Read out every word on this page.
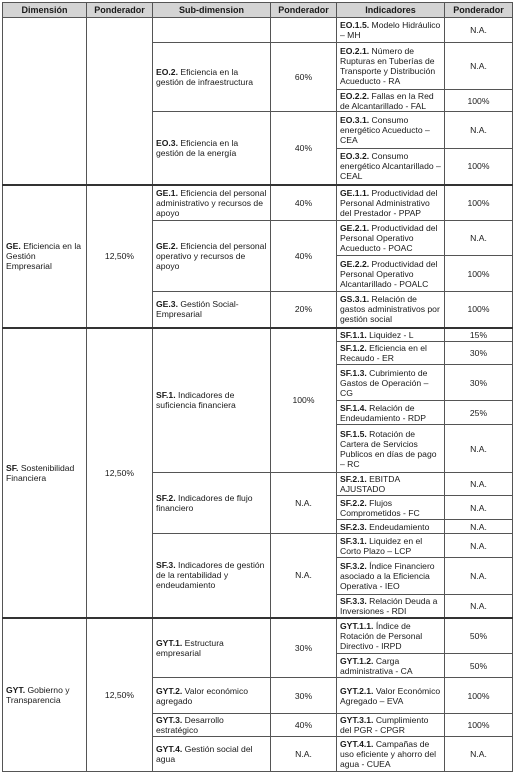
Dimensión	Ponderador	Sub-dimension	Ponderador	Indicadores	Ponderador
				EO.1.5. Modelo Hidráulico – MH	N.A.
		EO.2. Eficiencia en la gestión de infraestructura	60%	EO.2.1. Número de Rupturas en Tuberías de Transporte y Distribución Acueducto - RA	N.A.
				EO.2.2. Fallas en la Red de Alcantarillado - FAL	100%
		EO.3. Eficiencia en la gestión de la energía	40%	EO.3.1. Consumo energético Acueducto – CEA	N.A.
				EO.3.2. Consumo energético Alcantarillado – CEAL	100%
GE. Eficiencia en la Gestión Empresarial	12,50%	GE.1. Eficiencia del personal administrativo y recursos de apoyo	40%	GE.1.1. Productividad del Personal Administrativo del Prestador - PPAP	100%
		GE.2. Eficiencia del personal operativo y recursos de apoyo	40%	GE.2.1. Productividad del Personal Operativo Acueducto - POAC	N.A.
				GE.2.2. Productividad del Personal Operativo Alcantarillado - POALC	100%
		GE.3. Gestión Social-Empresarial	20%	GS.3.1. Relación de gastos administrativos por gestión social	100%
SF. Sostenibilidad Financiera	12,50%	SF.1. Indicadores de suficiencia financiera	100%	SF.1.1. Liquidez - L	15%
				SF.1.2. Eficiencia en el Recaudo - ER	30%
				SF.1.3. Cubrimiento de Gastos de Operación – CG	30%
				SF.1.4. Relación de Endeudamiento - RDP	25%
				SF.1.5. Rotación de Cartera de Servicios Publicos en días de pago – RC	N.A.
		SF.2. Indicadores de flujo financiero	N.A.	SF.2.1. EBITDA AJUSTADO	N.A.
				SF.2.2. Flujos Comprometidos - FC	N.A.
				SF.2.3. Endeudamiento	N.A.
		SF.3. Indicadores de gestión de la rentabilidad y endeudamiento	N.A.	SF.3.1. Liquidez en el Corto Plazo – LCP	N.A.
				SF.3.2. Índice Financiero asociado a la Eficiencia Operativa - IEO	N.A.
				SF.3.3. Relación Deuda a Inversiones - RDI	N.A.
GYT. Gobierno y Transparencia	12,50%	GYT.1. Estructura empresarial	30%	GYT.1.1. Índice de Rotación de Personal Directivo - IRPD	50%
				GYT.1.2. Carga administrativa - CA	50%
		GYT.2. Valor económico agregado	30%	GYT.2.1. Valor Económico Agregado – EVA	100%
		GYT.3. Desarrollo estratégico	40%	GYT.3.1. Cumplimiento del PGR - CPGR	100%
		GYT.4. Gestión social del agua	N.A.	GYT.4.1. Campañas de uso eficiente y ahorro del agua - CUEA	N.A.
